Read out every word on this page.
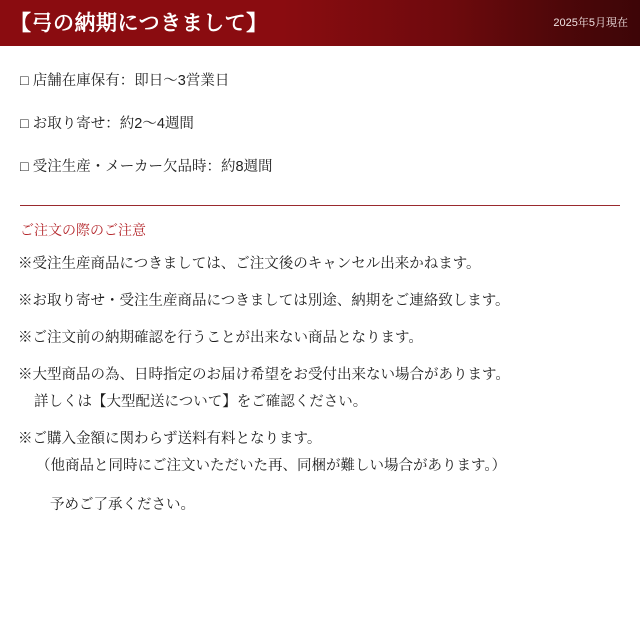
【弓の納期につきまして】	2025年5月現在
□ 店舗在庫保有：即日～3営業日
□ お取り寄せ：約2～4週間
□ 受注生産・メーカー欠品時：約8週間
ご注文の際のご注意
※受注生産商品につきましては、ご注文後のキャンセル出来かねます。
※お取り寄せ・受注生産商品につきましては別途、納期をご連絡致します。
※ご注文前の納期確認を行うことが出来ない商品となります。
※大型商品の為、日時指定のお届け希望をお受付出来ない場合があります。
詳しくは【大型配送について】をご確認ください。
※ご購入金額に関わらず送料有料となります。
（他商品と同時にご注文いただいた再、同梱が難しい場合があります。）
予めご了承ください。
